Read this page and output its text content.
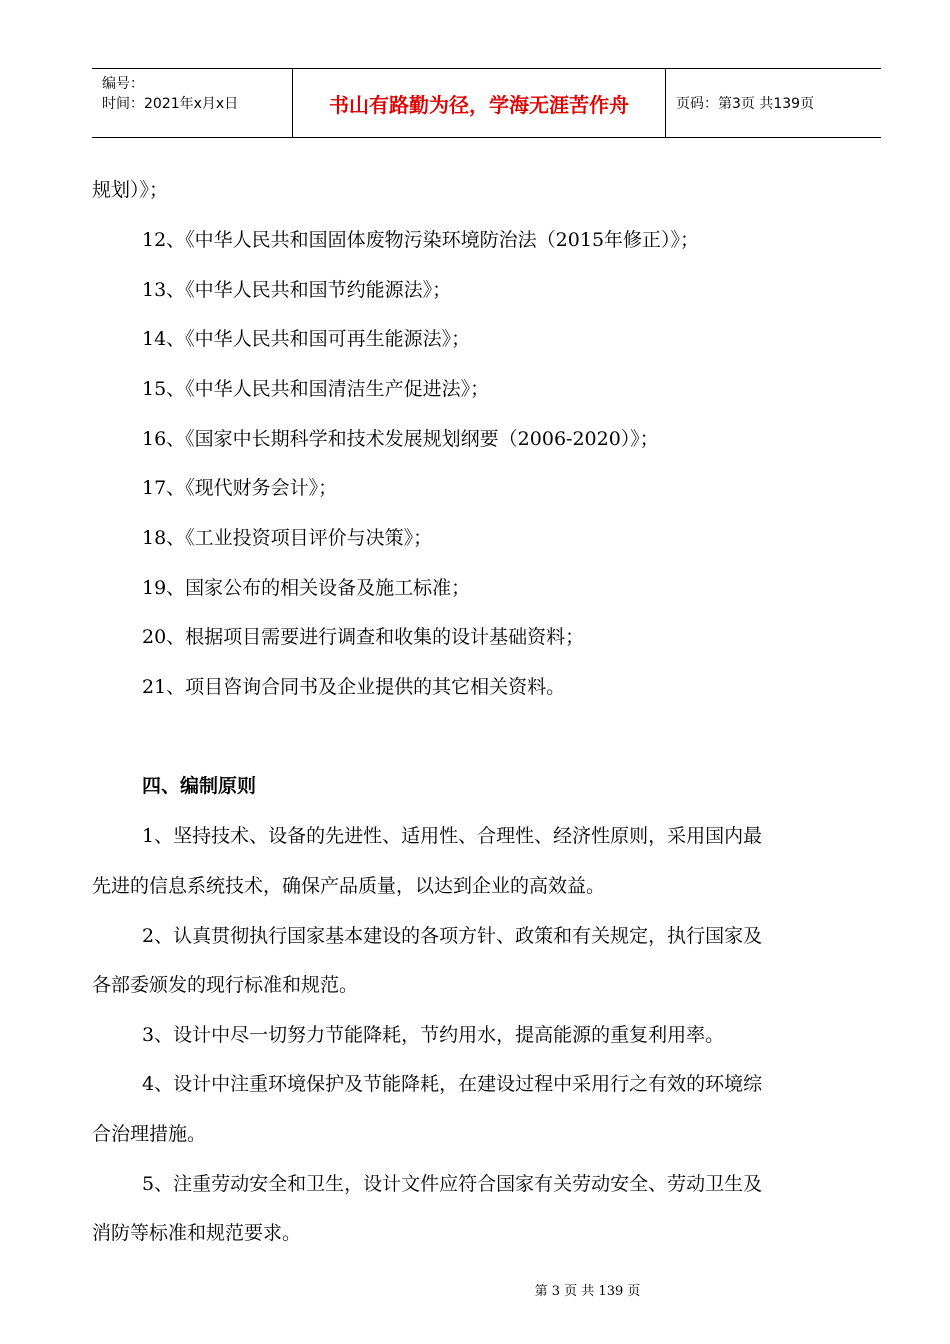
编号：
时间：2021年x月x日	书山有路勤为径，学海无涯苦作舟	页码：第3页 共139页
规划）》；
12、《中华人民共和国固体废物污染环境防治法（2015年修正）》；
13、《中华人民共和国节约能源法》；
14、《中华人民共和国可再生能源法》；
15、《中华人民共和国清洁生产促进法》；
16、《国家中长期科学和技术发展规划纲要（2006-2020）》；
17、《现代财务会计》；
18、《工业投资项目评价与决策》；
19、国家公布的相关设备及施工标准；
20、根据项目需要进行调查和收集的设计基础资料；
21、项目咨询合同书及企业提供的其它相关资料。
四、编制原则
1、坚持技术、设备的先进性、适用性、合理性、经济性原则，采用国内最
先进的信息系统技术，确保产品质量，以达到企业的高效益。
2、认真贯彻执行国家基本建设的各项方针、政策和有关规定，执行国家及
各部委颁发的现行标准和规范。
3、设计中尽一切努力节能降耗，节约用水，提高能源的重复利用率。
4、设计中注重环境保护及节能降耗，在建设过程中采用行之有效的环境综
合治理措施。
5、注重劳动安全和卫生，设计文件应符合国家有关劳动安全、劳动卫生及
消防等标准和规范要求。
第 3 页 共 139 页
